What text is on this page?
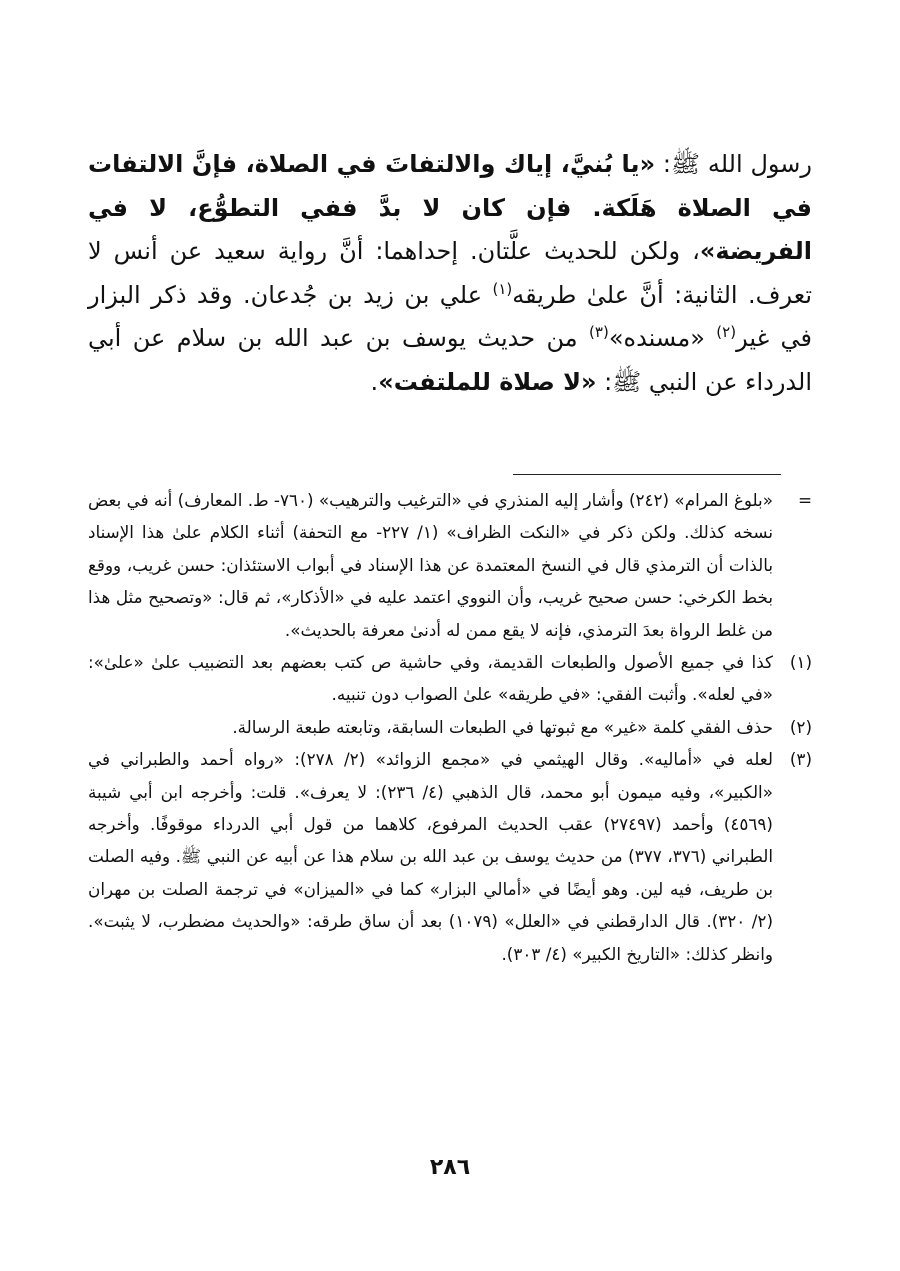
رسول الله ﷺ: «يا بُنيَّ، إياك والالتفاتَ في الصلاة، فإنَّ الالتفات في الصلاة هَلَكة. فإن كان لا بدَّ ففي التطوُّع، لا في الفريضة»، ولكن للحديث علَّتان. إحداهما: أنَّ رواية سعيد عن أنس لا تعرف. الثانية: أنَّ علىٰ طريقه$^{(١)}$ علي بن زيد بن جُدعان. وقد ذكر البزار في غير$^{(٢)}$ «مسنده»$^{(٣)}$ من حديث يوسف بن عبد الله بن سلام عن أبي الدرداء عن النبي ﷺ: «لا صلاة للملتفت».

=
«بلوغ المرام» (٢٤٢) وأشار إليه المنذري في «الترغيب والترهيب» (٧٦٠- ط. المعارف) أنه في بعض نسخه كذلك. ولكن ذكر في «النكت الظراف» (١/ ٢٢٧- مع التحفة) أثناء الكلام علىٰ هذا الإسناد بالذات أن الترمذي قال في النسخ المعتمدة عن هذا الإسناد في أبواب الاستئذان: حسن غريب، ووقع بخط الكرخي: حسن صحيح غريب، وأن النووي اعتمد عليه في «الأذكار»، ثم قال: «وتصحيح مثل هذا من غلط الرواة بعدَ الترمذي، فإنه لا يقع ممن له أدنىٰ معرفة بالحديث».
(١)
كذا في جميع الأصول والطبعات القديمة، وفي حاشية ص كتب بعضهم بعد التضبيب علىٰ «علىٰ»: «في لعله». وأثبت الفقي: «في طريقه» علىٰ الصواب دون تنبيه.
(٢)
حذف الفقي كلمة «غير» مع ثبوتها في الطبعات السابقة، وتابعته طبعة الرسالة.
(٣)
لعله في «أماليه». وقال الهيثمي في «مجمع الزوائد» (٢/ ٢٧٨): «رواه أحمد والطبراني في «الكبير»، وفيه ميمون أبو محمد، قال الذهبي (٤/ ٢٣٦): لا يعرف». قلت: وأخرجه ابن أبي شيبة (٤٥٦٩) وأحمد (٢٧٤٩٧) عقب الحديث المرفوع، كلاهما من قول أبي الدرداء موقوفًا. وأخرجه الطبراني (٣٧٦، ٣٧٧) من حديث يوسف بن عبد الله بن سلام هذا عن أبيه عن النبي ﷺ. وفيه الصلت بن طريف، فيه لين. وهو أيضًا في «أمالي البزار» كما في «الميزان» في ترجمة الصلت بن مهران (٢/ ٣٢٠). قال الدارقطني في «العلل» (١٠٧٩) بعد أن ساق طرقه: «والحديث مضطرب، لا يثبت». وانظر كذلك: «التاريخ الكبير» (٤/ ٣٠٣).
٢٨٦
